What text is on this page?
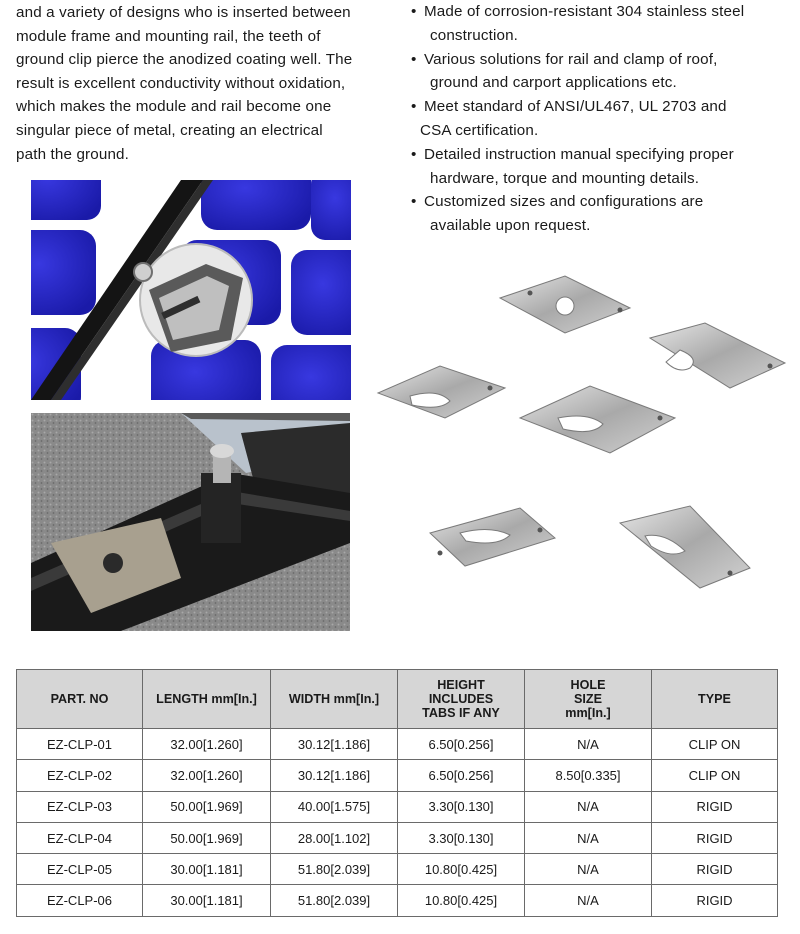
and a variety of designs who is inserted between
module frame and mounting rail, the teeth of
ground clip pierce the anodized coating well. The
result is excellent conductivity without oxidation,
which makes the module and rail become one
singular piece of metal, creating an electrical
path the ground.
• Made of corrosion-resistant 304 stainless steel
construction.
• Various solutions for rail and clamp of roof,
ground and carport applications etc.
• Meet standard of ANSI/UL467, UL 2703 and
CSA certification.
• Detailed instruction manual specifying proper
hardware, torque and mounting details.
• Customized sizes and configurations are
available upon request.
PART. NO	LENGTH mm[In.]	WIDTH mm[In.]	HEIGHT INCLUDES TABS IF ANY	HOLE SIZE mm[In.]	TYPE
EZ-CLP-01	32.00[1.260]	30.12[1.186]	6.50[0.256]	N/A	CLIP ON
EZ-CLP-02	32.00[1.260]	30.12[1.186]	6.50[0.256]	8.50[0.335]	CLIP ON
EZ-CLP-03	50.00[1.969]	40.00[1.575]	3.30[0.130]	N/A	RIGID
EZ-CLP-04	50.00[1.969]	28.00[1.102]	3.30[0.130]	N/A	RIGID
EZ-CLP-05	30.00[1.181]	51.80[2.039]	10.80[0.425]	N/A	RIGID
EZ-CLP-06	30.00[1.181]	51.80[2.039]	10.80[0.425]	N/A	RIGID
